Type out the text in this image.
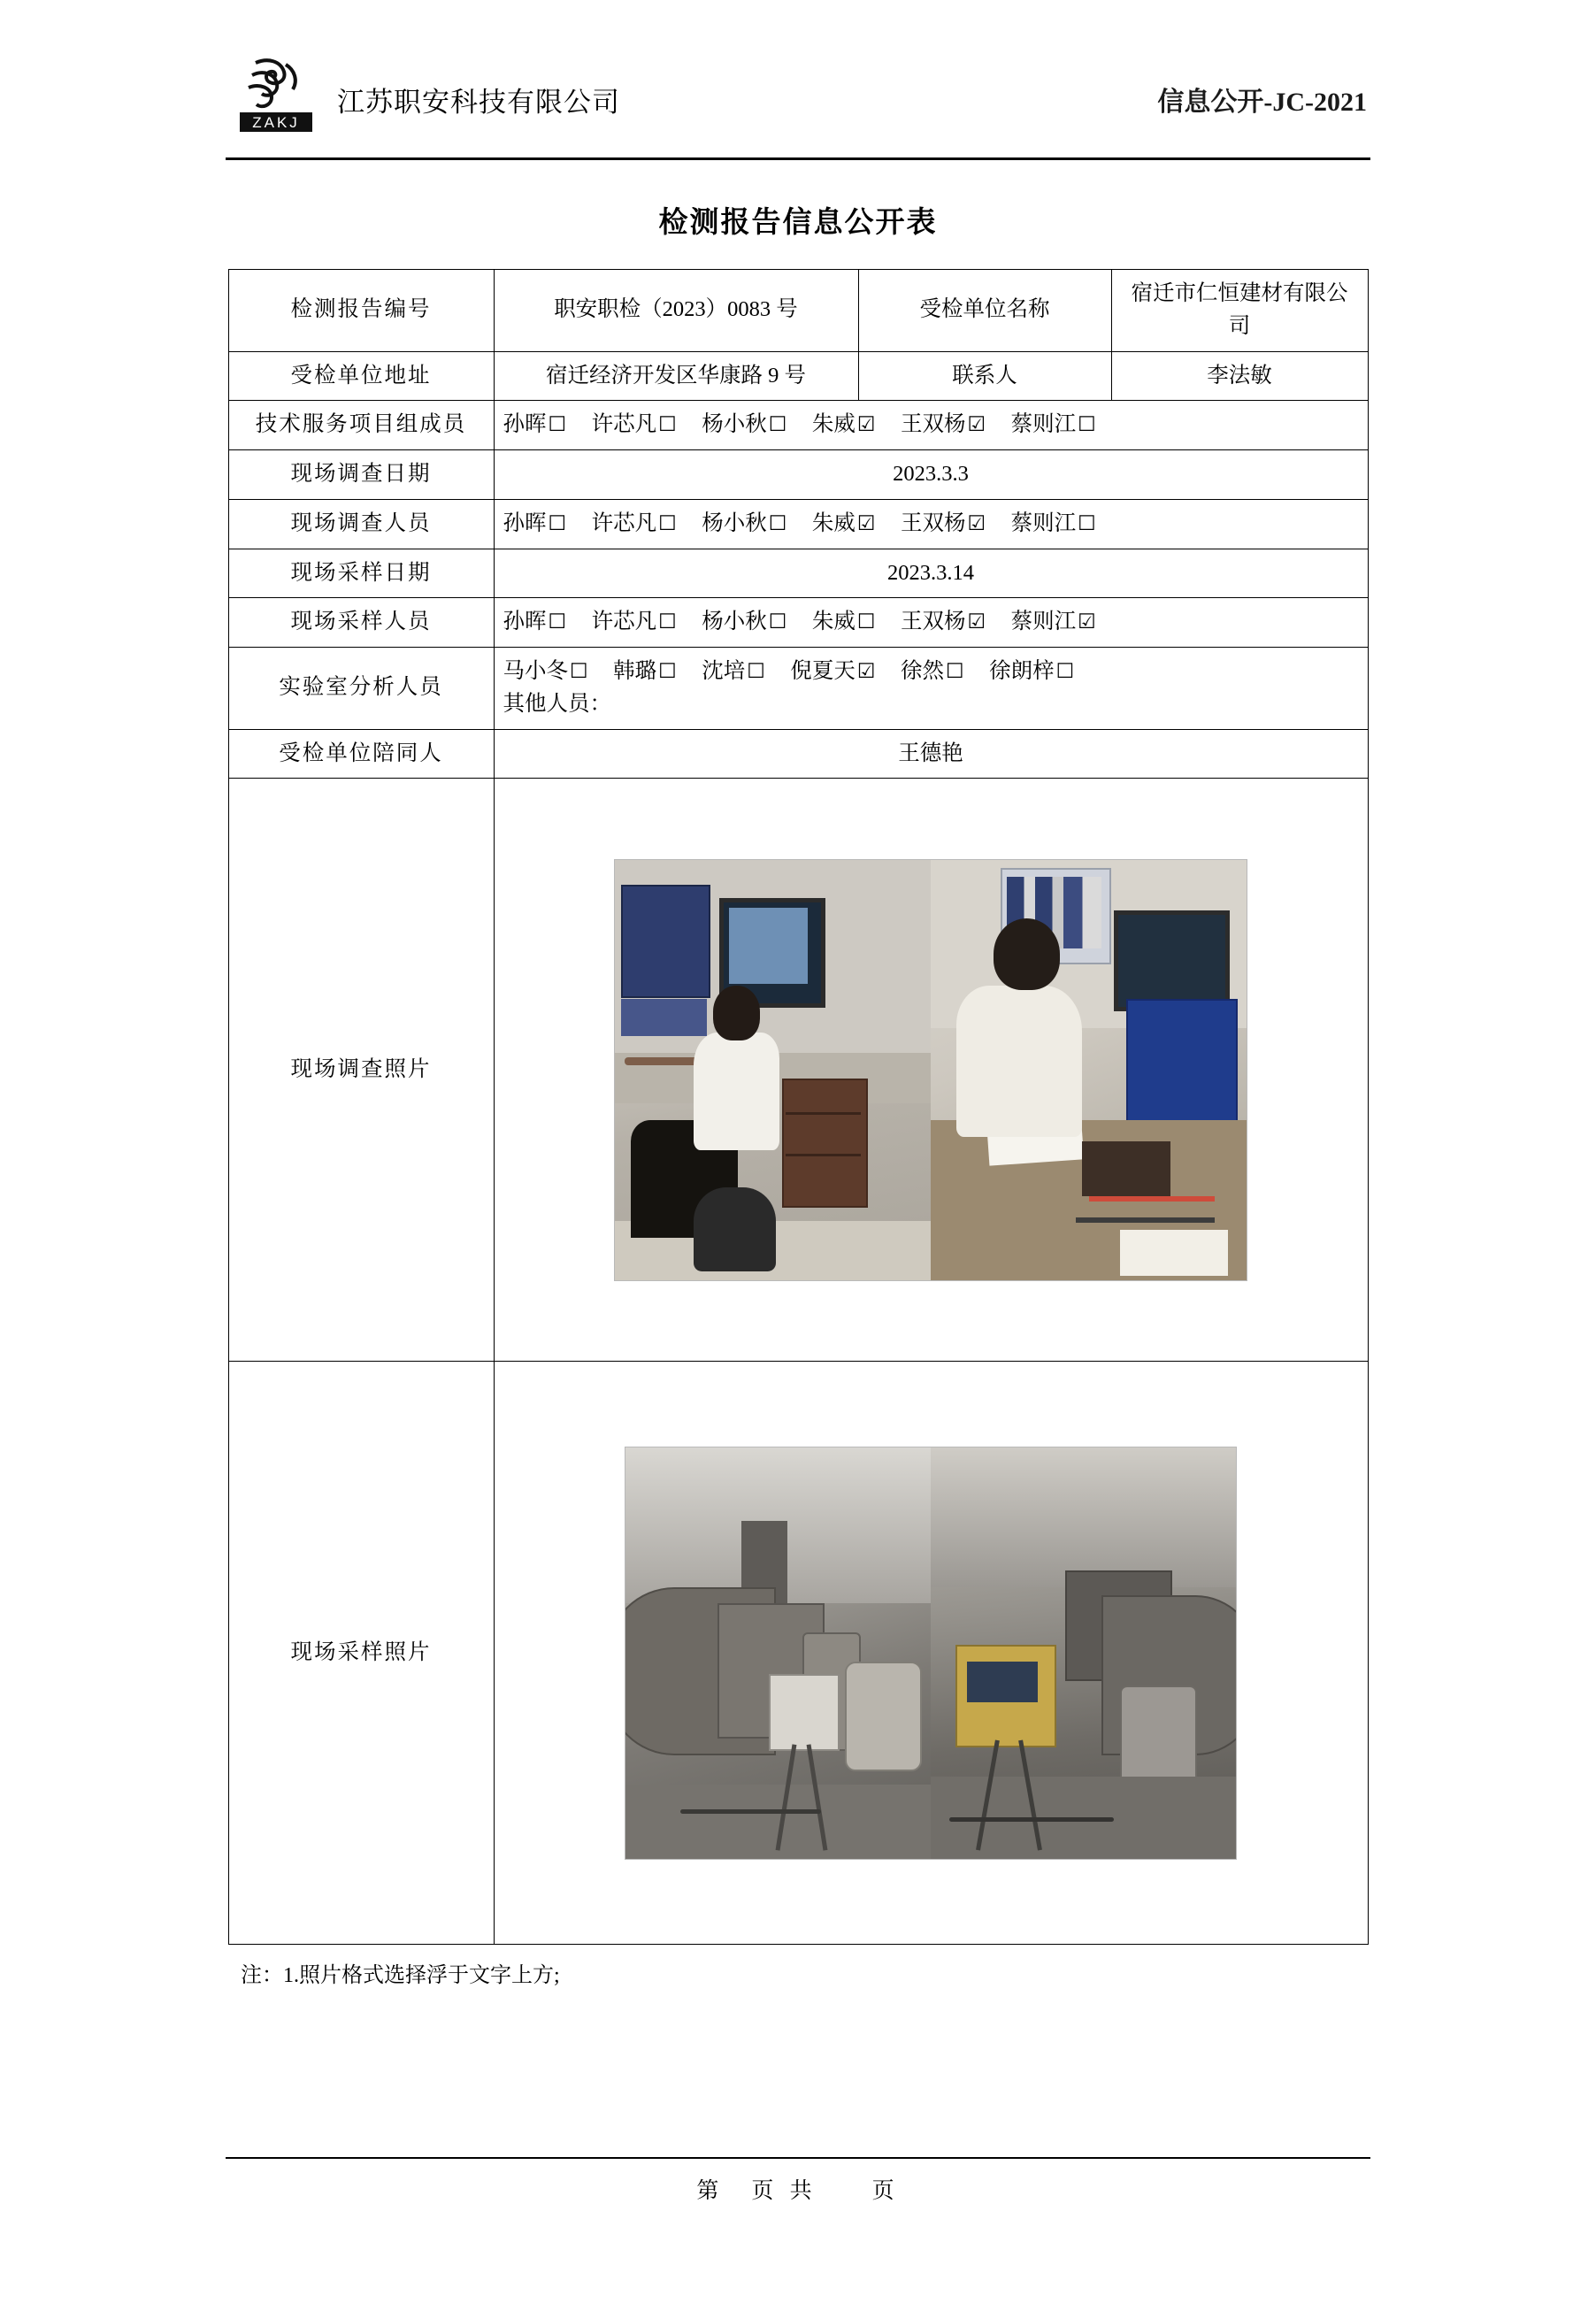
ZAKJ
江苏职安科技有限公司	信息公开-JC-2021
检测报告信息公开表
检测报告编号	职安职检（2023）0083 号	受检单位名称	宿迁市仁恒建材有限公司
受检单位地址	宿迁经济开发区华康路 9 号	联系人	李法敏
技术服务项目组成员	孙晖☐   许芯凡☐   杨小秋☐   朱威☑   王双杨☑   蔡则江☐		  
现场调查日期	2023.3.3		
现场调查人员	孙晖☐   许芯凡☐   杨小秋☐   朱威☑   王双杨☑   蔡则江☐		  
现场采样日期	2023.3.14		
现场采样人员	孙晖☐   许芯凡☐   杨小秋☐   朱威☐   王双杨☑   蔡则江☑		  
实验室分析人员	马小冬☐   韩璐☐   沈培☐   倪夏天☑   徐然☐   徐朗梓☐  
其他人员：		

受检单位陪同人	王德艳		
现场调查照片			

现场采样照片			
注：1.照片格式选择浮于文字上方;
第　页 共　　页
